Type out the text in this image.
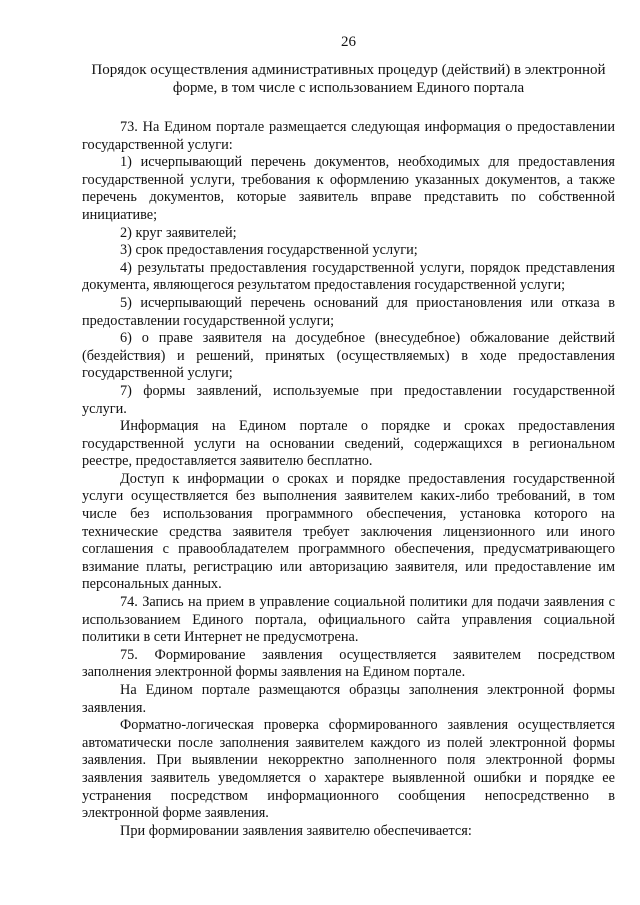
26
Порядок осуществления административных процедур (действий) в электронной форме, в том числе с использованием Единого портала

73. На Едином портале размещается следующая информация о предоставлении государственной услуги:

1) исчерпывающий перечень документов, необходимых для предоставления государственной услуги, требования к оформлению указанных документов, а также перечень документов, которые заявитель вправе представить по собственной инициативе;

2) круг заявителей;

3) срок предоставления государственной услуги;

4) результаты предоставления государственной услуги, порядок представления документа, являющегося результатом предоставления государственной услуги;

5) исчерпывающий перечень оснований для приостановления или отказа в предоставлении государственной услуги;

6) о праве заявителя на досудебное (внесудебное) обжалование действий (бездействия) и решений, принятых (осуществляемых) в ходе предоставления государственной услуги;

7) формы заявлений, используемые при предоставлении государственной услуги.

Информация на Едином портале о порядке и сроках предоставления государственной услуги на основании сведений, содержащихся в региональном реестре, предоставляется заявителю бесплатно.

Доступ к информации о сроках и порядке предоставления государственной услуги осуществляется без выполнения заявителем каких-либо требований, в том числе без использования программного обеспечения, установка которого на технические средства заявителя требует заключения лицензионного или иного соглашения с правообладателем программного обеспечения, предусматривающего взимание платы, регистрацию или авторизацию заявителя, или предоставление им персональных данных.

74. Запись на прием в управление социальной политики для подачи заявления с использованием Единого портала, официального сайта управления социальной политики в сети Интернет не предусмотрена.

75. Формирование заявления осуществляется заявителем посредством заполнения электронной формы заявления на Едином портале.

На Едином портале размещаются образцы заполнения электронной формы заявления.

Форматно-логическая проверка сформированного заявления осуществляется автоматически после заполнения заявителем каждого из полей электронной формы заявления. При выявлении некорректно заполненного поля электронной формы заявления заявитель уведомляется о характере выявленной ошибки и порядке ее устранения посредством информационного сообщения непосредственно в электронной форме заявления.

При формировании заявления заявителю обеспечивается:
